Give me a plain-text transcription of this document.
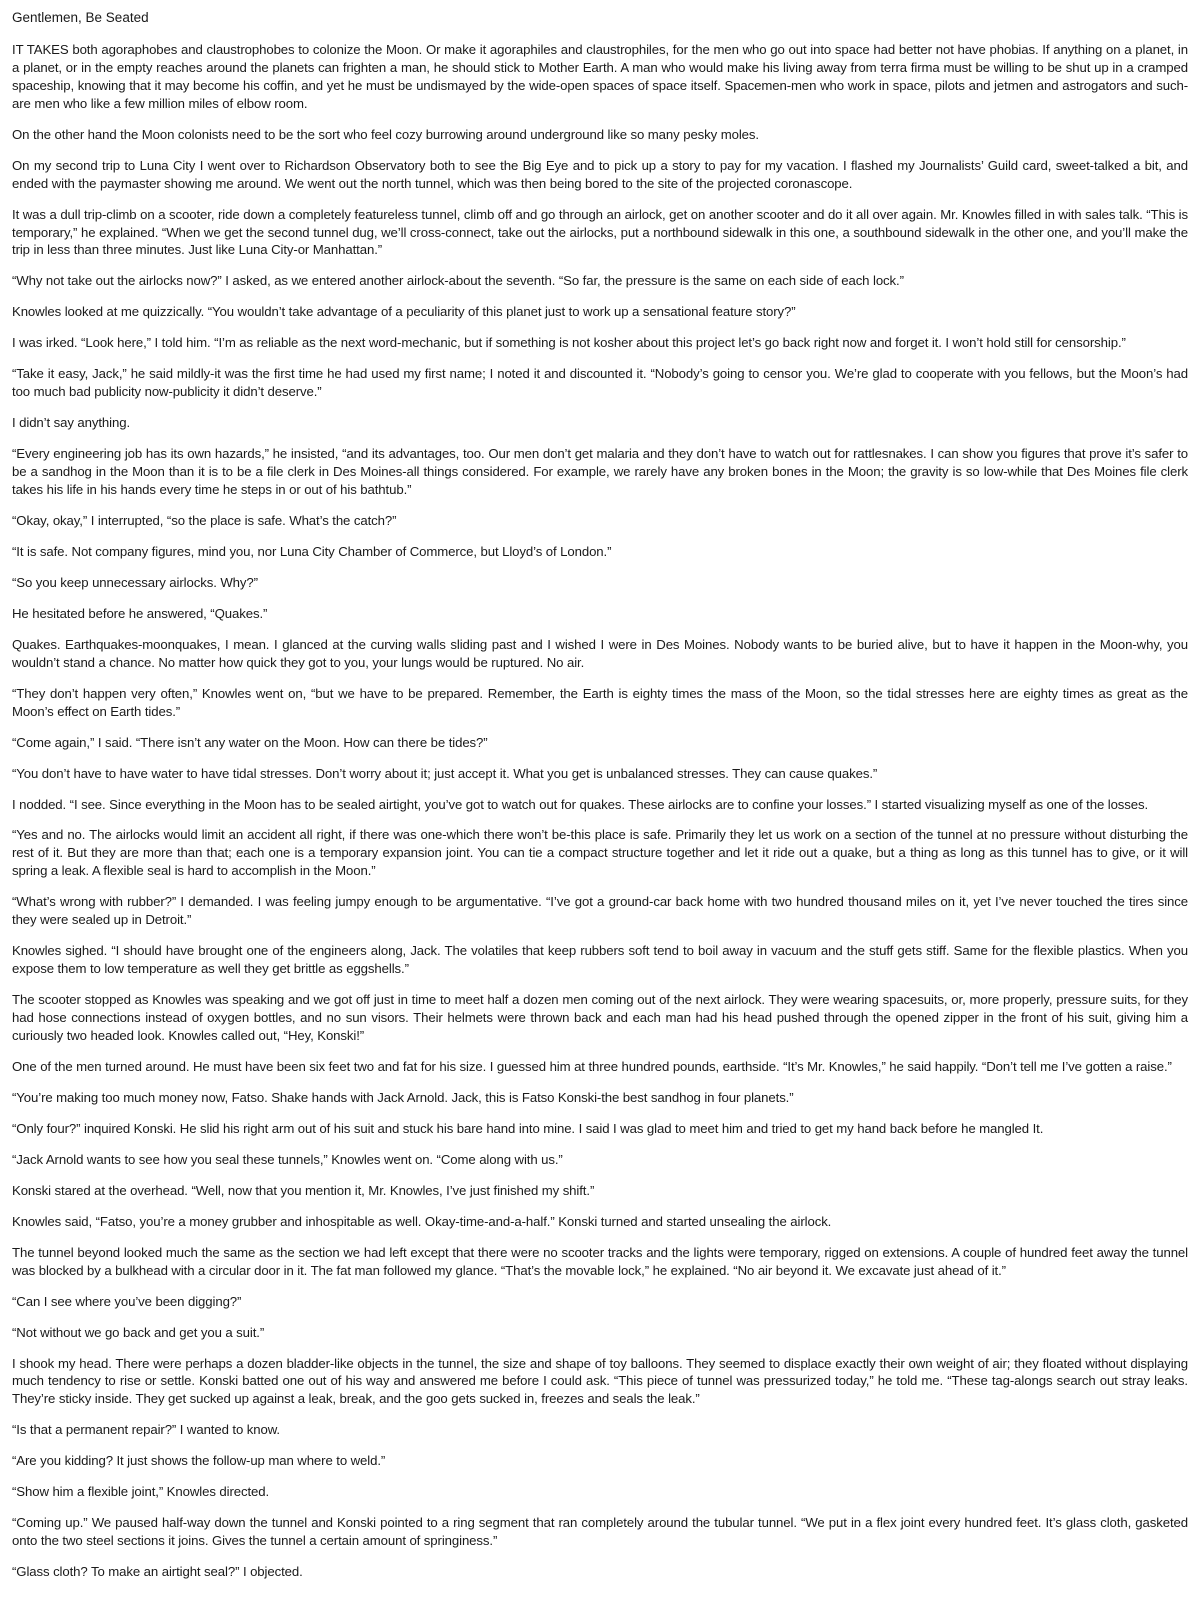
Gentlemen, Be Seated

IT TAKES both agoraphobes and claustrophobes to colonize the Moon. Or make it agoraphiles and claustrophiles, for the men who go out into space had better not have phobias. If anything on a planet, in a planet, or in the empty reaches around the planets can frighten a man, he should stick to Mother Earth. A man who would make his living away from terra firma must be willing to be shut up in a cramped spaceship, knowing that it may become his coffin, and yet he must be undismayed by the wide-open spaces of space itself. Spacemen-men who work in space, pilots and jetmen and astrogators and such-are men who like a few million miles of elbow room.

On the other hand the Moon colonists need to be the sort who feel cozy burrowing around underground like so many pesky moles.

On my second trip to Luna City I went over to Richardson Observatory both to see the Big Eye and to pick up a story to pay for my vacation. I flashed my Journalists’ Guild card, sweet-talked a bit, and ended with the paymaster showing me around. We went out the north tunnel, which was then being bored to the site of the projected coronascope.

It was a dull trip-climb on a scooter, ride down a completely featureless tunnel, climb off and go through an airlock, get on another scooter and do it all over again. Mr. Knowles filled in with sales talk. “This is temporary,” he explained. “When we get the second tunnel dug, we’ll cross-connect, take out the airlocks, put a northbound sidewalk in this one, a southbound sidewalk in the other one, and you’ll make the trip in less than three minutes. Just like Luna City-or Manhattan.”

“Why not take out the airlocks now?” I asked, as we entered another airlock-about the seventh. “So far, the pressure is the same on each side of each lock.”

Knowles looked at me quizzically. “You wouldn’t take advantage of a peculiarity of this planet just to work up a sensational feature story?”

I was irked. “Look here,” I told him. “I’m as reliable as the next word-mechanic, but if something is not kosher about this project let’s go back right now and forget it. I won’t hold still for censorship.”

“Take it easy, Jack,” he said mildly-it was the first time he had used my first name; I noted it and discounted it. “Nobody’s going to censor you. We’re glad to cooperate with you fellows, but the Moon’s had too much bad publicity now-publicity it didn’t deserve.”

I didn’t say anything.

“Every engineering job has its own hazards,” he insisted, “and its advantages, too. Our men don’t get malaria and they don’t have to watch out for rattlesnakes. I can show you figures that prove it’s safer to be a sandhog in the Moon than it is to be a file clerk in Des Moines-all things considered. For example, we rarely have any broken bones in the Moon; the gravity is so low-while that Des Moines file clerk takes his life in his hands every time he steps in or out of his bathtub.”

“Okay, okay,” I interrupted, “so the place is safe. What’s the catch?”

“It is safe. Not company figures, mind you, nor Luna City Chamber of Commerce, but Lloyd’s of London.”

“So you keep unnecessary airlocks. Why?”

He hesitated before he answered, “Quakes.”

Quakes. Earthquakes-moonquakes, I mean. I glanced at the curving walls sliding past and I wished I were in Des Moines. Nobody wants to be buried alive, but to have it happen in the Moon-why, you wouldn’t stand a chance. No matter how quick they got to you, your lungs would be ruptured. No air.

“They don’t happen very often,” Knowles went on, “but we have to be prepared. Remember, the Earth is eighty times the mass of the Moon, so the tidal stresses here are eighty times as great as the Moon’s effect on Earth tides.”

“Come again,” I said. “There isn’t any water on the Moon. How can there be tides?”

“You don’t have to have water to have tidal stresses. Don’t worry about it; just accept it. What you get is unbalanced stresses. They can cause quakes.”

I nodded. “I see. Since everything in the Moon has to be sealed airtight, you’ve got to watch out for quakes. These airlocks are to confine your losses.” I started visualizing myself as one of the losses.

“Yes and no. The airlocks would limit an accident all right, if there was one-which there won’t be-this place is safe. Primarily they let us work on a section of the tunnel at no pressure without disturbing the rest of it. But they are more than that; each one is a temporary expansion joint. You can tie a compact structure together and let it ride out a quake, but a thing as long as this tunnel has to give, or it will spring a leak. A flexible seal is hard to accomplish in the Moon.”

“What’s wrong with rubber?” I demanded. I was feeling jumpy enough to be argumentative. “I’ve got a ground-car back home with two hundred thousand miles on it, yet I’ve never touched the tires since they were sealed up in Detroit.”

Knowles sighed. “I should have brought one of the engineers along, Jack. The volatiles that keep rubbers soft tend to boil away in vacuum and the stuff gets stiff. Same for the flexible plastics. When you expose them to low temperature as well they get brittle as eggshells.”

The scooter stopped as Knowles was speaking and we got off just in time to meet half a dozen men coming out of the next airlock. They were wearing spacesuits, or, more properly, pressure suits, for they had hose connections instead of oxygen bottles, and no sun visors. Their helmets were thrown back and each man had his head pushed through the opened zipper in the front of his suit, giving him a curiously two headed look. Knowles called out, “Hey, Konski!”

One of the men turned around. He must have been six feet two and fat for his size. I guessed him at three hundred pounds, earthside. “It’s Mr. Knowles,” he said happily. “Don’t tell me I’ve gotten a raise.”

“You’re making too much money now, Fatso. Shake hands with Jack Arnold. Jack, this is Fatso Konski-the best sandhog in four planets.”

“Only four?” inquired Konski. He slid his right arm out of his suit and stuck his bare hand into mine. I said I was glad to meet him and tried to get my hand back before he mangled It.

“Jack Arnold wants to see how you seal these tunnels,” Knowles went on. “Come along with us.”

Konski stared at the overhead. “Well, now that you mention it, Mr. Knowles, I’ve just finished my shift.”

Knowles said, “Fatso, you’re a money grubber and inhospitable as well. Okay-time-and-a-half.” Konski turned and started unsealing the airlock.

The tunnel beyond looked much the same as the section we had left except that there were no scooter tracks and the lights were temporary, rigged on extensions. A couple of hundred feet away the tunnel was blocked by a bulkhead with a circular door in it. The fat man followed my glance. “That’s the movable lock,” he explained. “No air beyond it. We excavate just ahead of it.”

“Can I see where you’ve been digging?”

“Not without we go back and get you a suit.”

I shook my head. There were perhaps a dozen bladder-like objects in the tunnel, the size and shape of toy balloons. They seemed to displace exactly their own weight of air; they floated without displaying much tendency to rise or settle. Konski batted one out of his way and answered me before I could ask. “This piece of tunnel was pressurized today,” he told me. “These tag-alongs search out stray leaks. They’re sticky inside. They get sucked up against a leak, break, and the goo gets sucked in, freezes and seals the leak.”

“Is that a permanent repair?” I wanted to know.

“Are you kidding? It just shows the follow-up man where to weld.”

“Show him a flexible joint,” Knowles directed.

“Coming up.” We paused half-way down the tunnel and Konski pointed to a ring segment that ran completely around the tubular tunnel. “We put in a flex joint every hundred feet. It’s glass cloth, gasketed onto the two steel sections it joins. Gives the tunnel a certain amount of springiness.”

“Glass cloth? To make an airtight seal?” I objected.
